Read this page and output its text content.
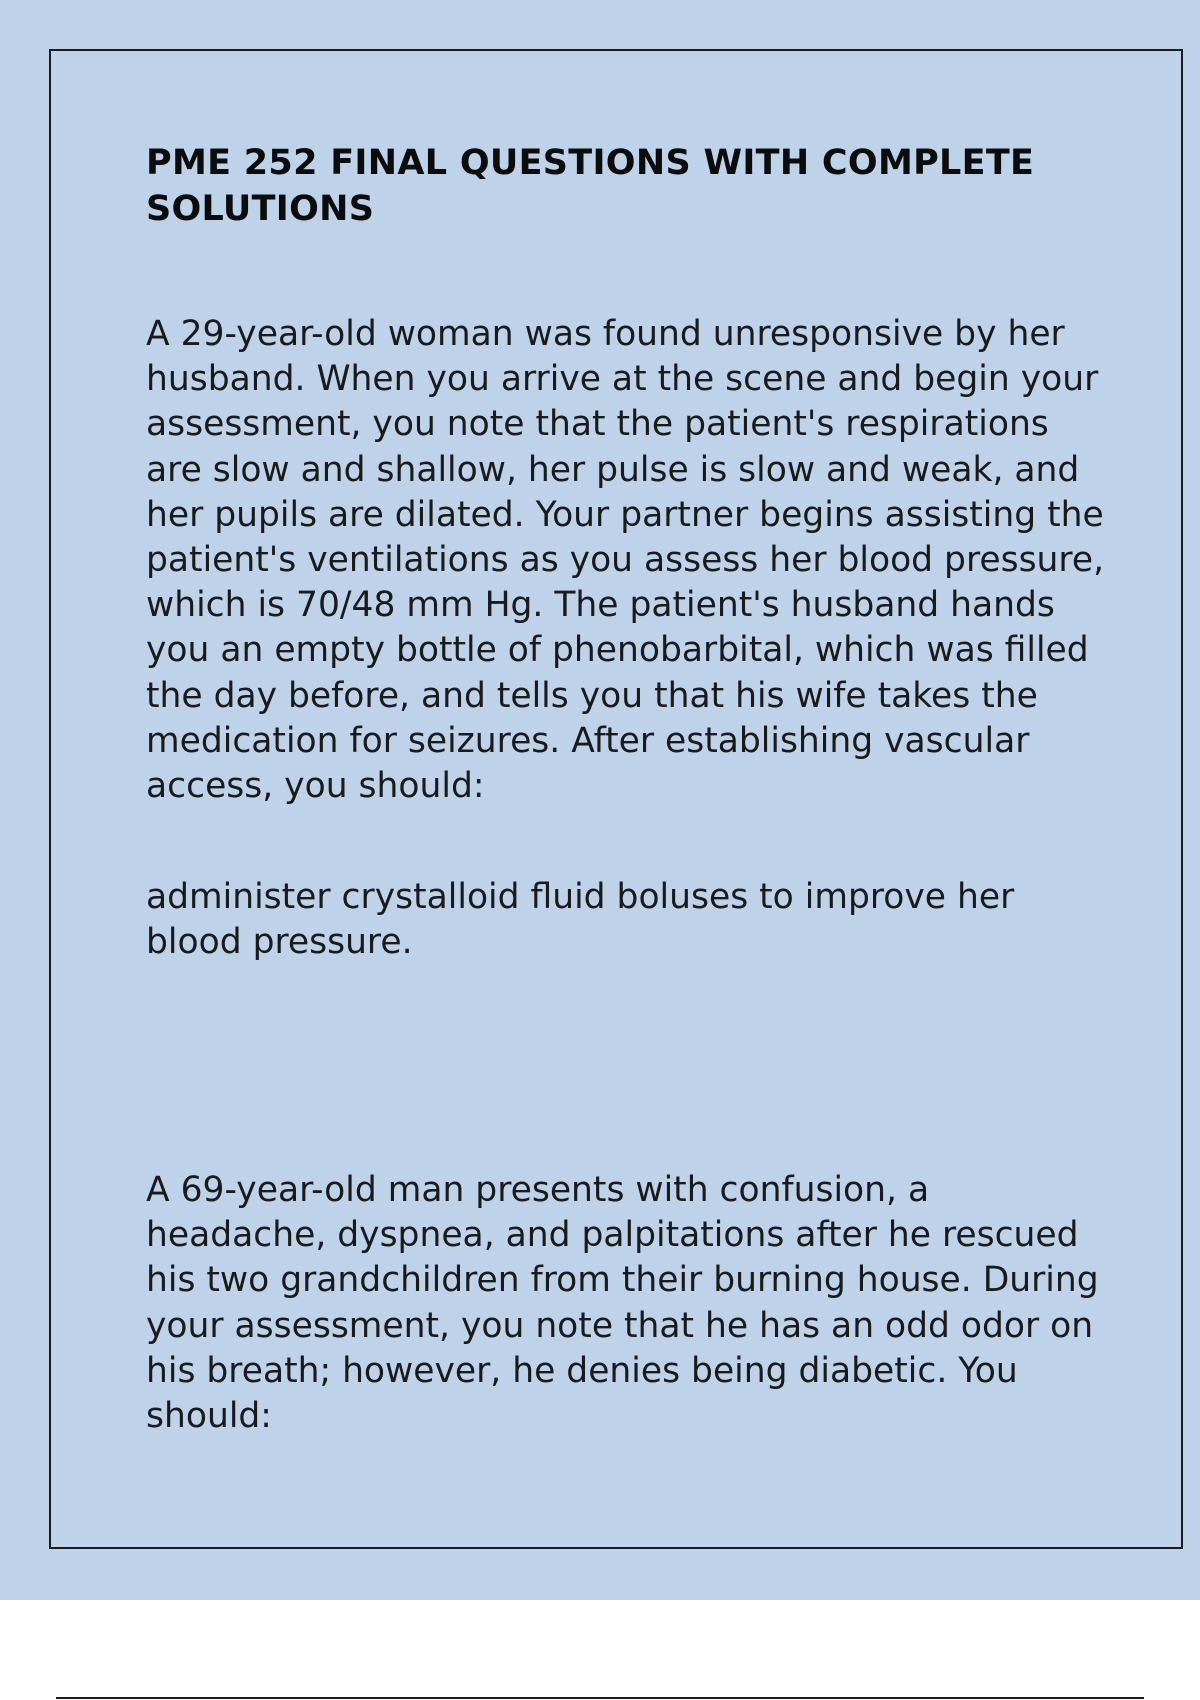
PME 252 FINAL QUESTIONS WITH COMPLETE SOLUTIONS

A 29-year-old woman was found unresponsive by her husband. When you arrive at the scene and begin your assessment, you note that the patient's respirations are slow and shallow, her pulse is slow and weak, and her pupils are dilated. Your partner begins assisting the patient's ventilations as you assess her blood pressure, which is 70/48 mm Hg. The patient's husband hands you an empty bottle of phenobarbital, which was filled the day before, and tells you that his wife takes the medication for seizures. After establishing vascular access, you should:

administer crystalloid fluid boluses to improve her blood pressure.

A 69-year-old man presents with confusion, a headache, dyspnea, and palpitations after he rescued his two grandchildren from their burning house. During your assessment, you note that he has an odd odor on his breath; however, he denies being diabetic. You should:
